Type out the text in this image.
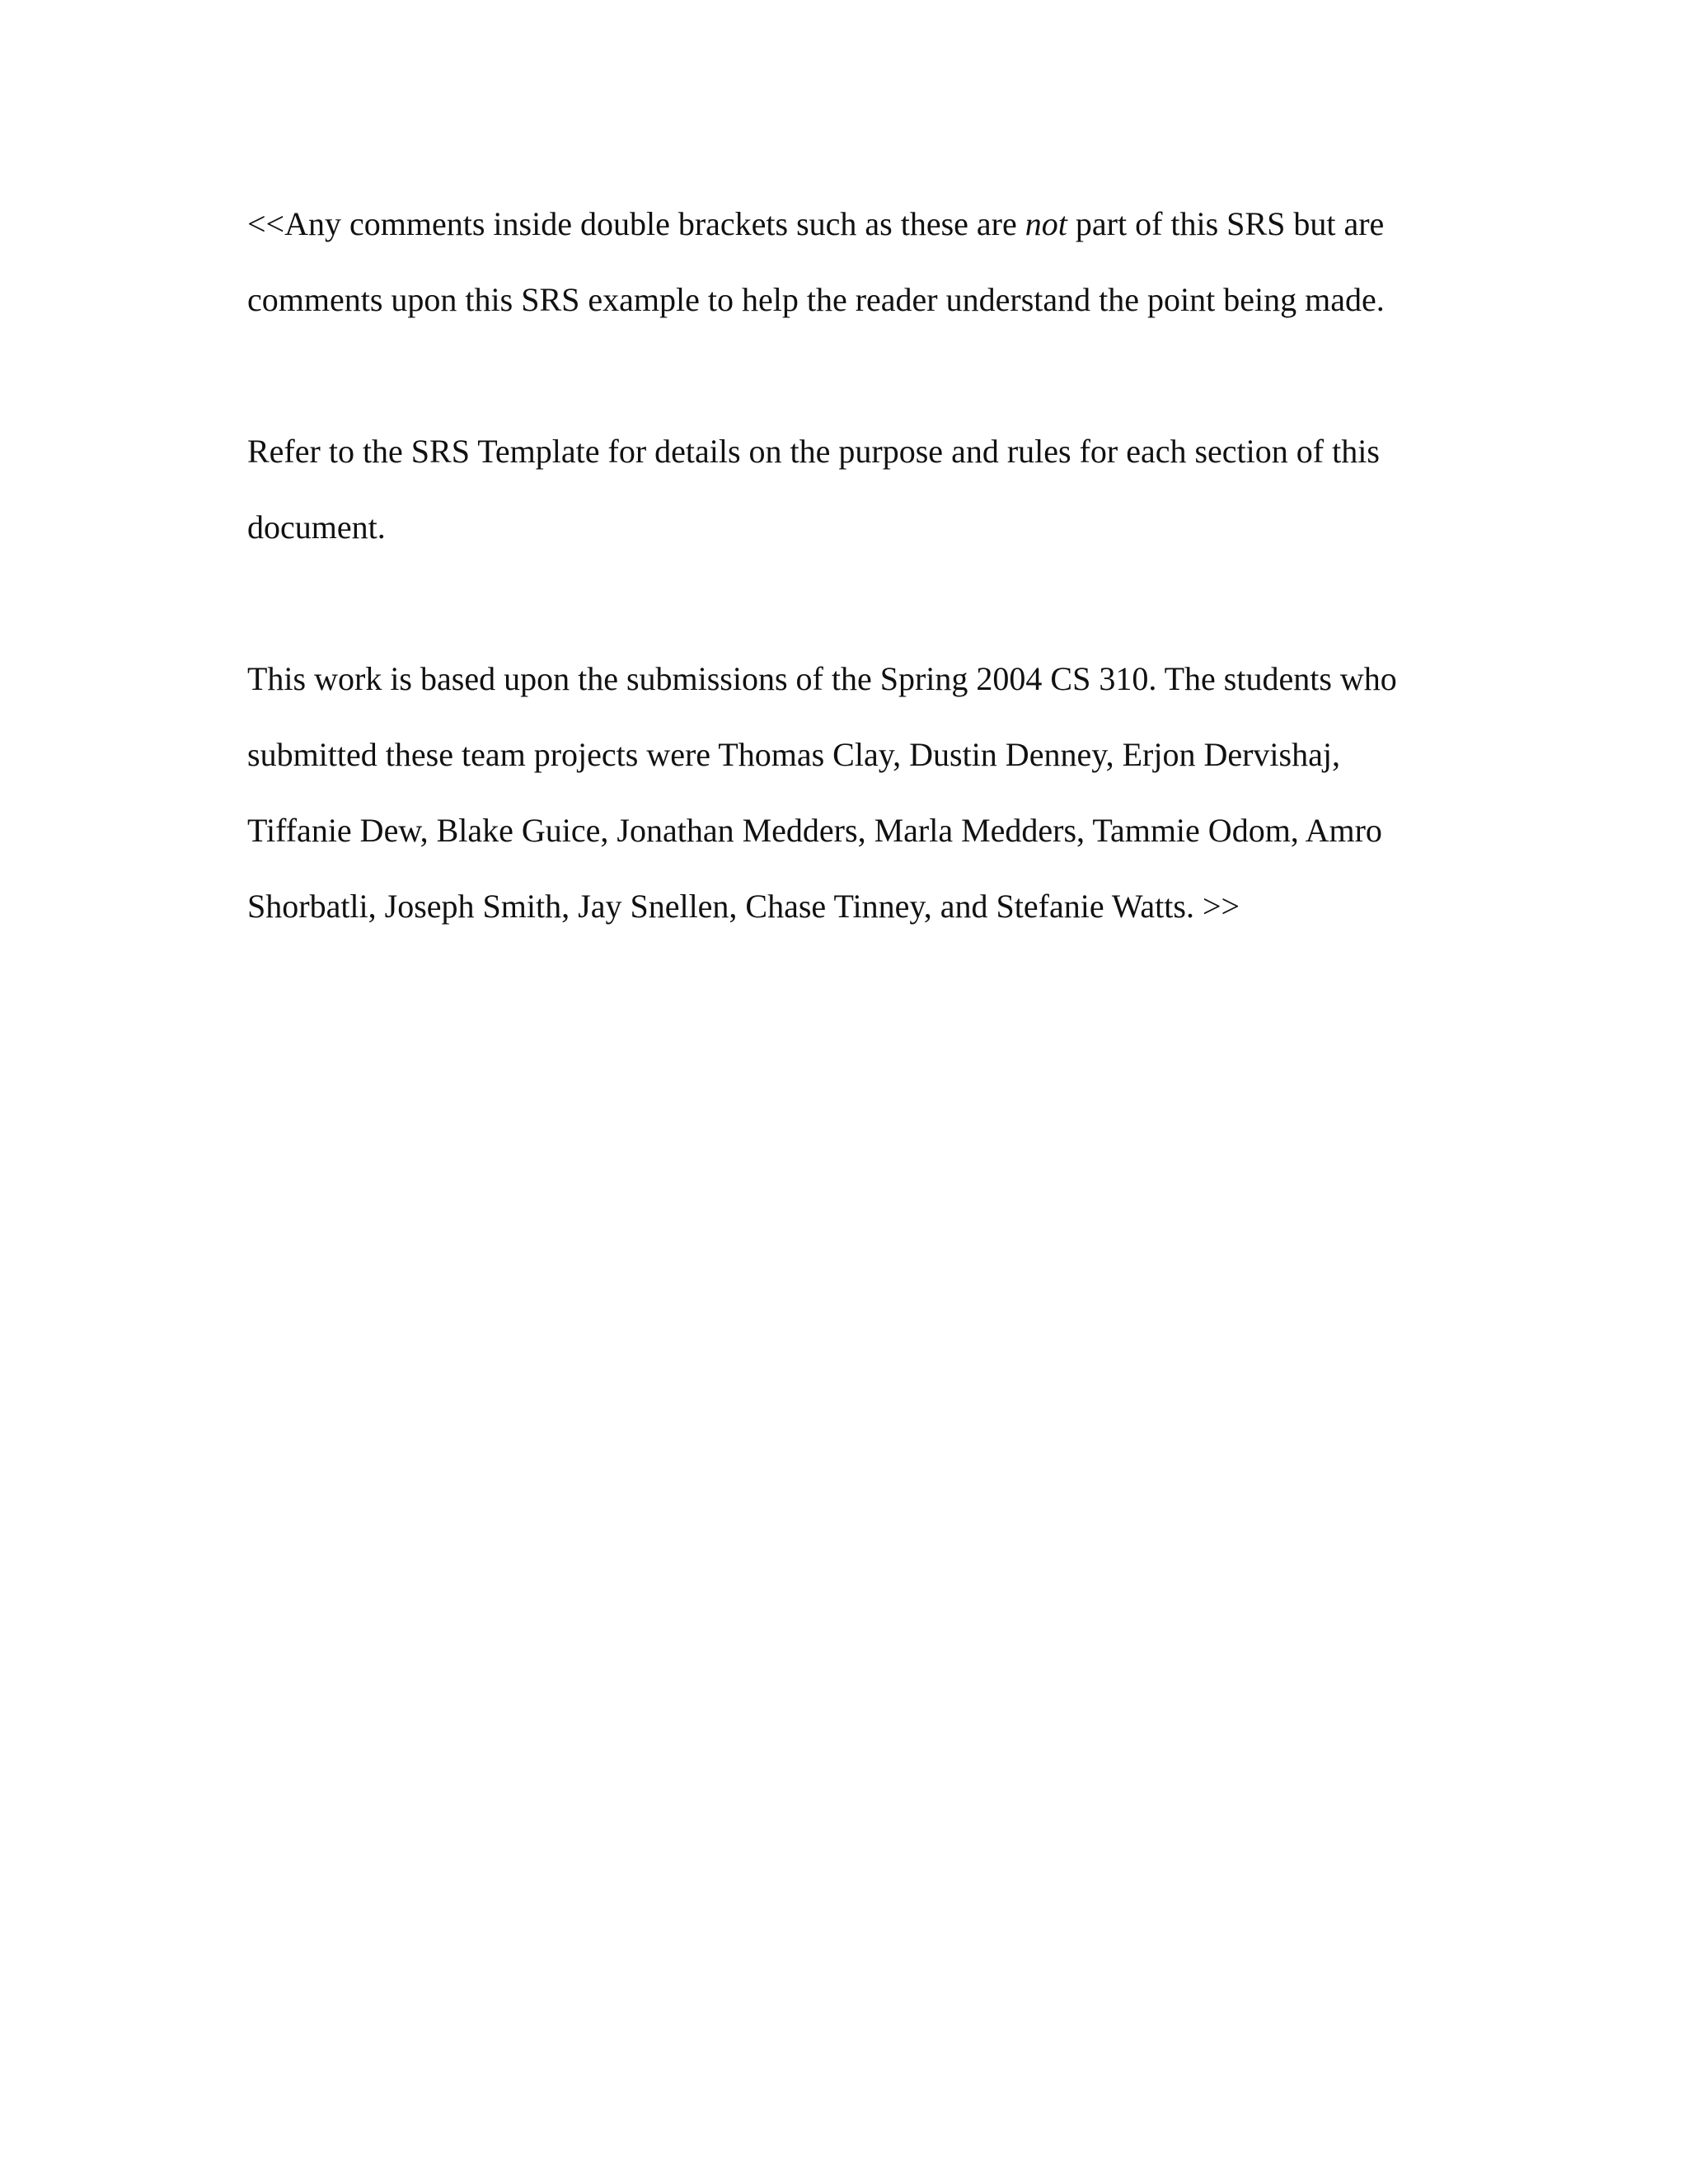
<<Any comments inside double brackets such as these are not part of this SRS but are
comments upon this SRS example to help the reader understand the point being made.

Refer to the SRS Template for details on the purpose and rules for each section of this
document.

This work is based upon the submissions of the Spring 2004 CS 310. The students who
submitted these team projects were Thomas Clay, Dustin Denney, Erjon Dervishaj,
Tiffanie Dew, Blake Guice, Jonathan Medders, Marla Medders, Tammie Odom, Amro
Shorbatli, Joseph Smith, Jay Snellen, Chase Tinney, and Stefanie Watts. >>
